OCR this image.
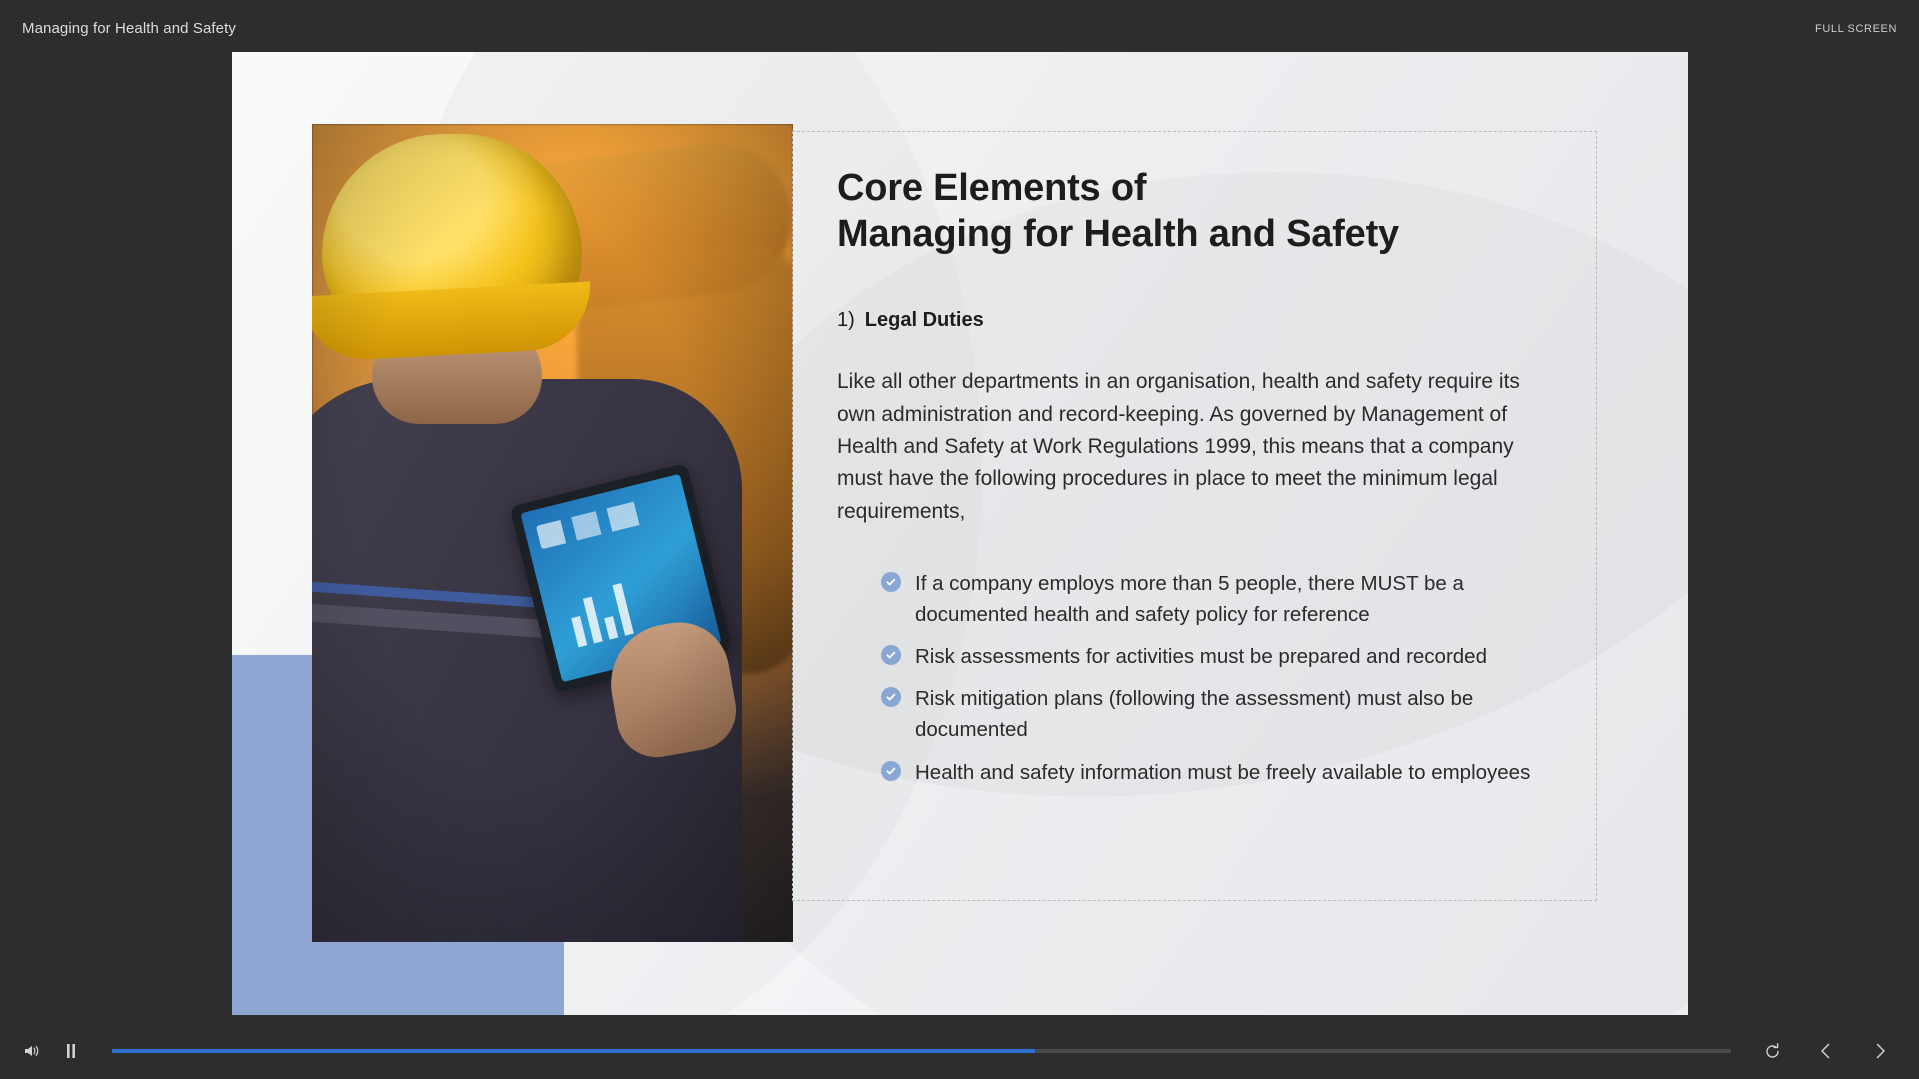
Managing for Health and Safety	FULL SCREEN
Core Elements of
Managing for Health and Safety
1) Legal Duties

Like all other departments in an organisation, health and safety require its own administration and record-keeping. As governed by Management of Health and Safety at Work Regulations 1999, this means that a company must have the following procedures in place to meet the minimum legal requirements,

If a company employs more than 5 people, there MUST be a documented health and safety policy for reference
Risk assessments for activities must be prepared and recorded
Risk mitigation plans (following the assessment) must also be documented
Health and safety information must be freely available to employees
